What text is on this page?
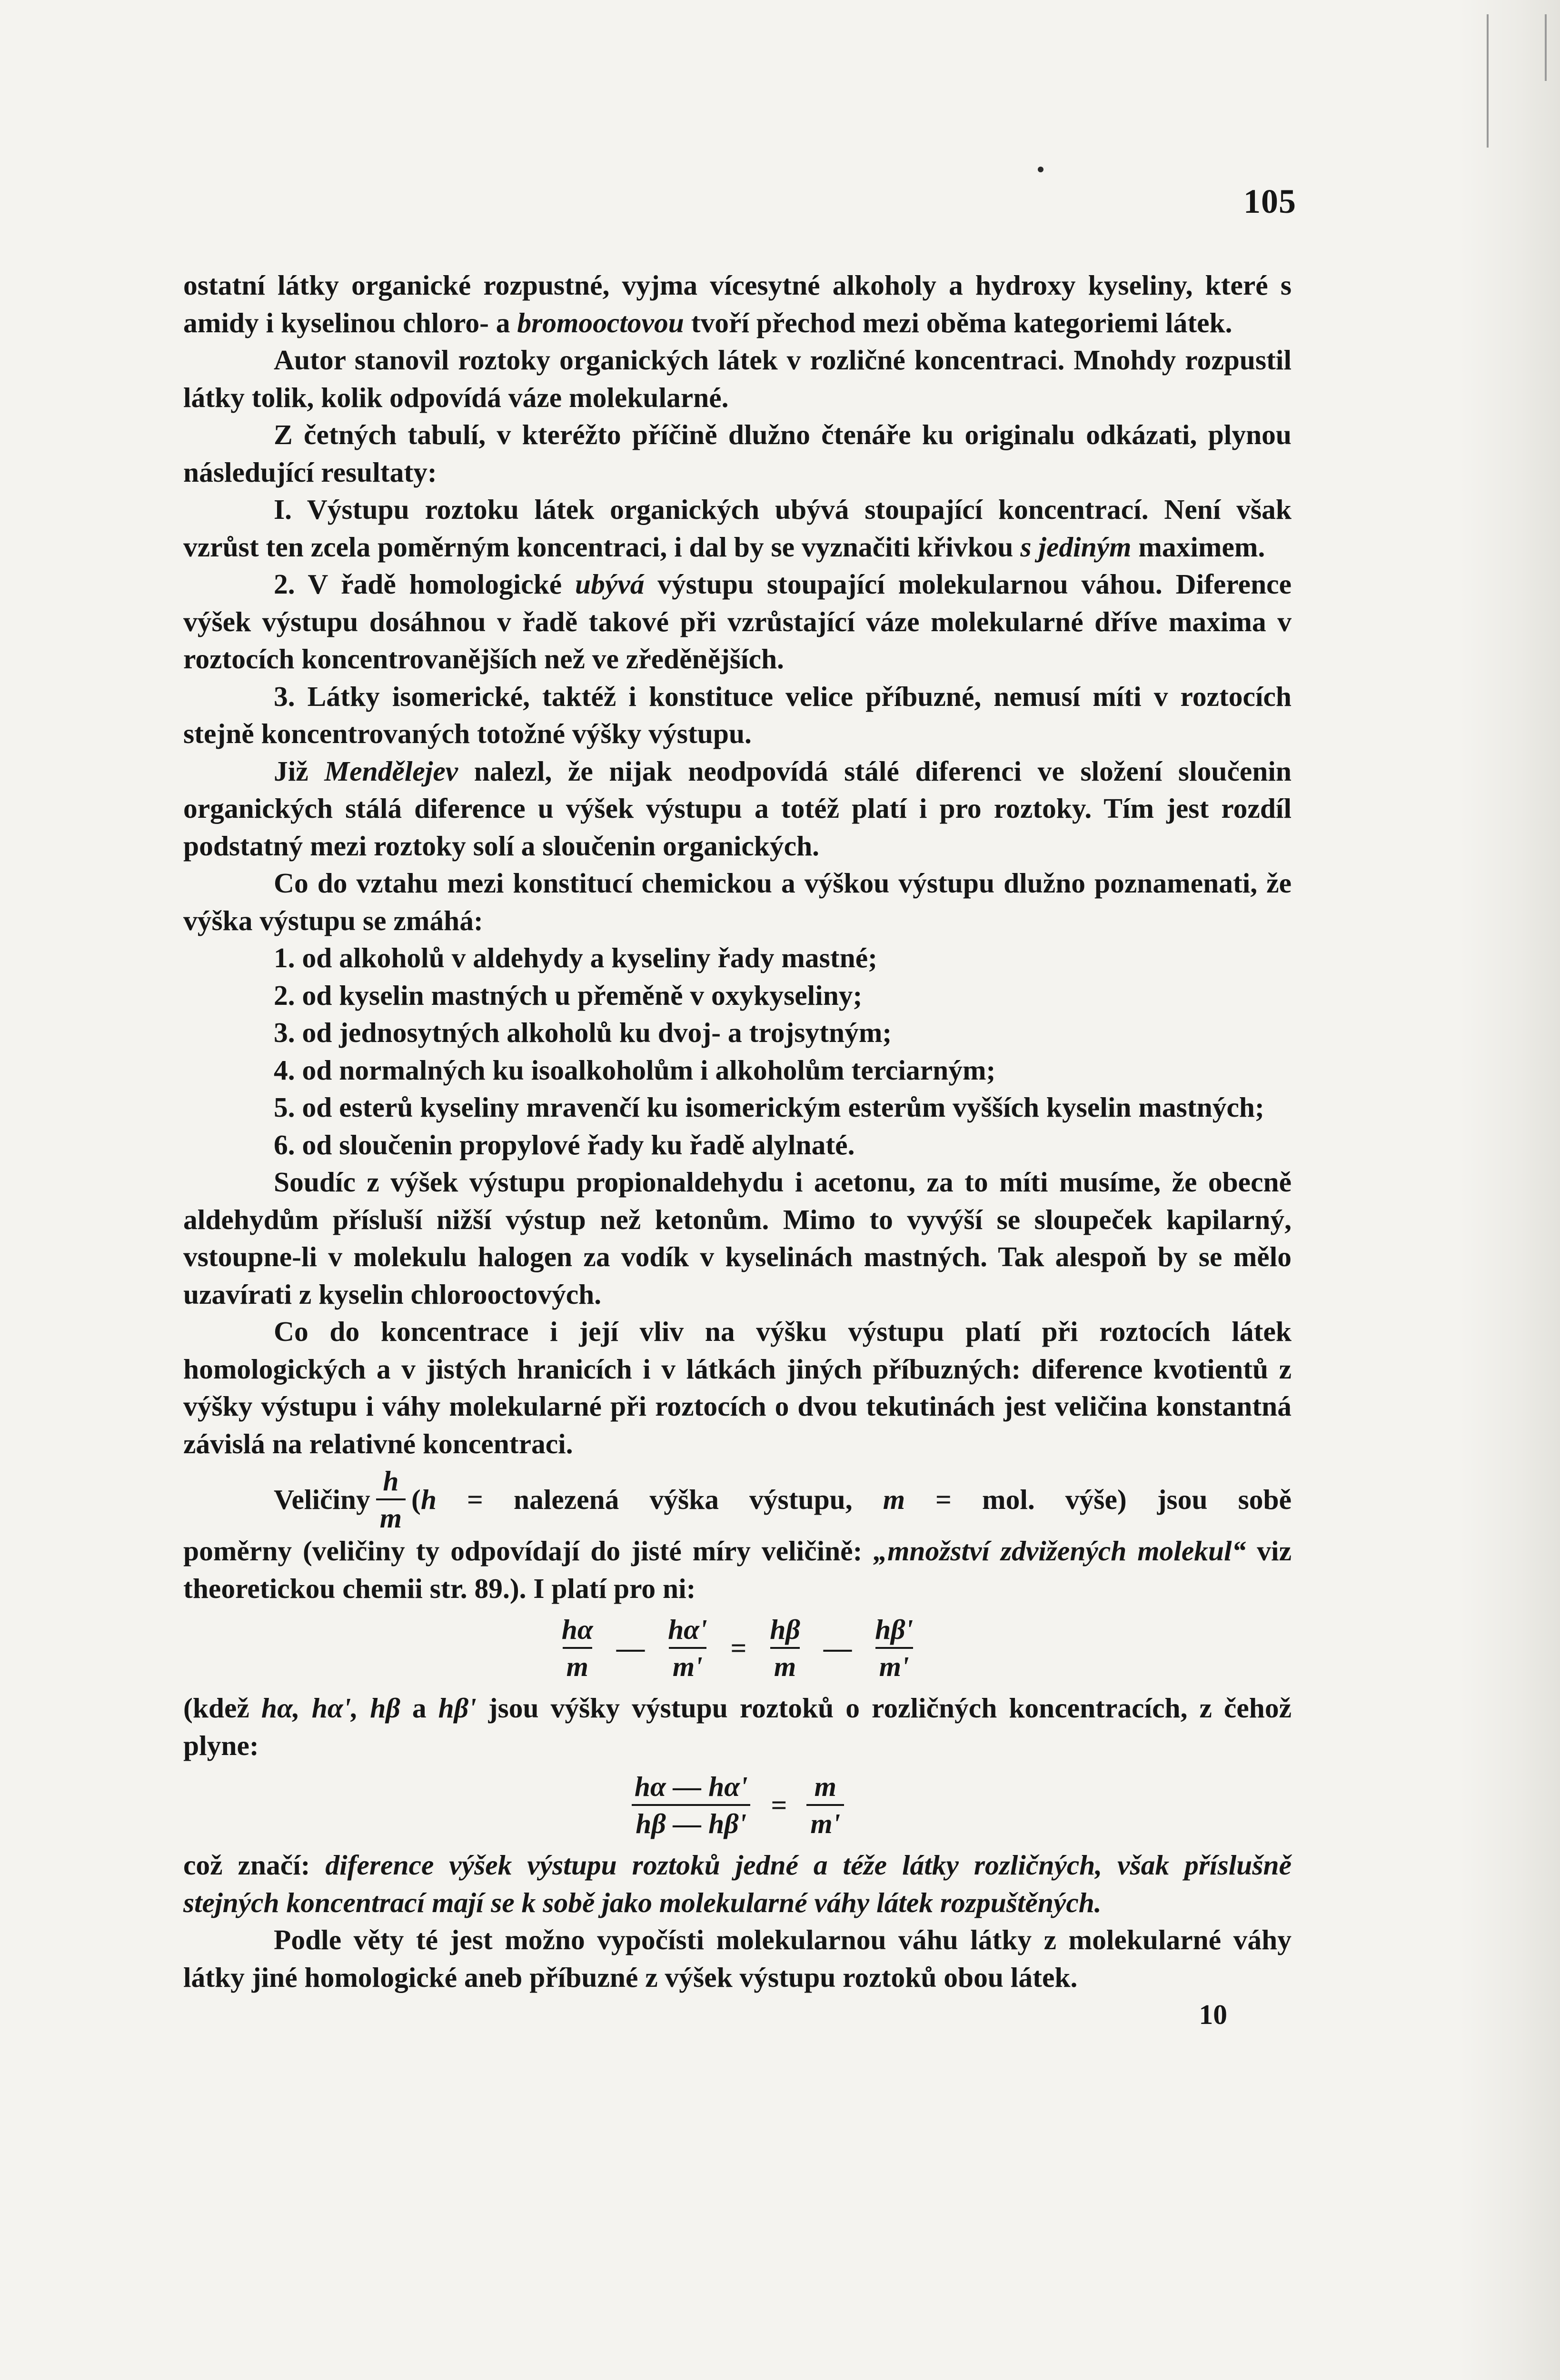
105

ostatní látky organické rozpustné, vyjma vícesytné alkoholy a hydroxy kyseliny, které s amidy i kyselinou chloro- a bromooctovou tvoří přechod mezi oběma kategoriemi látek.

Autor stanovil roztoky organických látek v rozličné koncentraci. Mnohdy rozpustil látky tolik, kolik odpovídá váze molekularné.

Z četných tabulí, v kteréžto příčině dlužno čtenáře ku originalu odkázati, plynou následující resultaty:

I. Výstupu roztoku látek organických ubývá stoupající koncentrací. Není však vzrůst ten zcela poměrným koncentraci, i dal by se vyznačiti křivkou s jediným maximem.

2. V řadě homologické ubývá výstupu stoupající molekularnou váhou. Diference výšek výstupu dosáhnou v řadě takové při vzrůstající váze molekularné dříve maxima v roztocích koncentrovanějších než ve zředěnějších.

3. Látky isomerické, taktéž i konstituce velice příbuzné, nemusí míti v roztocích stejně koncentrovaných totožné výšky výstupu.

Již Mendělejev nalezl, že nijak neodpovídá stálé diferenci ve složení sloučenin organických stálá diference u výšek výstupu a totéž platí i pro roztoky. Tím jest rozdíl podstatný mezi roztoky solí a sloučenin organických.

Co do vztahu mezi konstitucí chemickou a výškou výstupu dlužno poznamenati, že výška výstupu se zmáhá:

1. od alkoholů v aldehydy a kyseliny řady mastné;

2. od kyselin mastných u přeměně v oxykyseliny;

3. od jednosytných alkoholů ku dvoj- a trojsytným;

4. od normalných ku isoalkoholům i alkoholům terciarným;

5. od esterů kyseliny mravenčí ku isomerickým esterům vyšších kyselin mastných;

6. od sloučenin propylové řady ku řadě alylnaté.

Soudíc z výšek výstupu propionaldehydu i acetonu, za to míti musíme, že obecně aldehydům přísluší nižší výstup než ketonům. Mimo to vyvýší se sloupeček kapilarný, vstoupne-li v molekulu halogen za vodík v kyselinách mastných. Tak alespoň by se mělo uzavírati z kyselin chlorooctových.

Co do koncentrace i její vliv na výšku výstupu platí při roztocích látek homologických a v jistých hranicích i v látkách jiných příbuzných: diference kvotientů z výšky výstupu i váhy molekularné při roztocích o dvou tekutinách jest veličina konstantná závislá na relativné koncentraci.

Veličiny $\frac{h}{m} (h$ = nalezená výška výstupu, m = mol. výše) jsou sobě

poměrny (veličiny ty odpovídají do jisté míry veličině: „množství zdvižených molekul“ viz theoretickou chemii str. 89.). I platí pro ni:

$\frac{h\alpha}{m}$ — $\frac{h\alpha'}{m'} = \frac{h\beta}{m}$ — $\frac{h\beta'}{m'}$

(kdež hα, hα', hβ a hβ' jsou výšky výstupu roztoků o rozličných koncentracích, z čehož plyne:

$\frac{h\alpha — h\alpha'}{h\beta — h\beta'} = \frac{m}{m'}$

což značí: diference výšek výstupu roztoků jedné a téže látky rozličných, však příslušně stejných koncentrací mají se k sobě jako molekularné váhy látek rozpuštěných.

Podle věty té jest možno vypočísti molekularnou váhu látky z molekularné váhy látky jiné homologické aneb příbuzné z výšek výstupu roztoků obou látek.

10
